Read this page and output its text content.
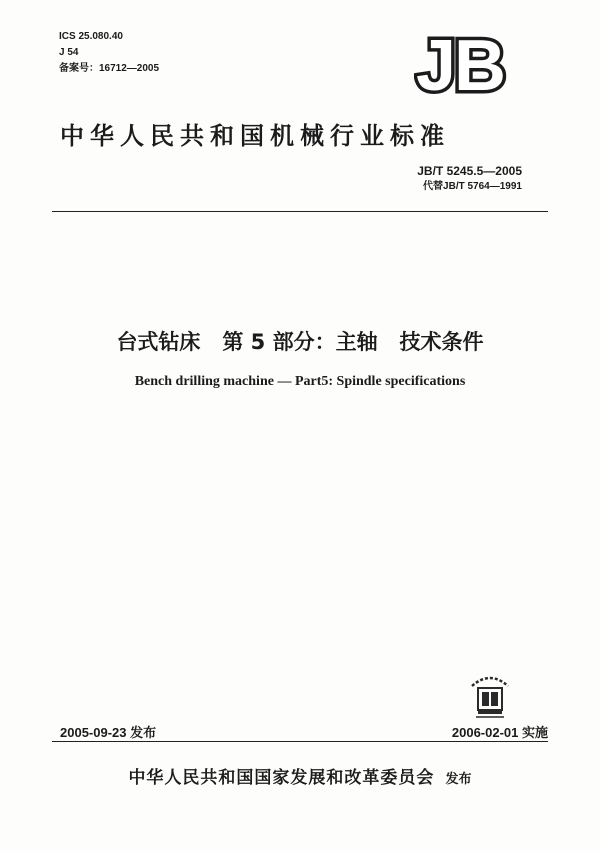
ICS 25.080.40
J 54
备案号：16712—2005	JB
中华人民共和国机械行业标准
JB/T 5245.5—2005
代替JB/T 5764—1991
台式钻床   第 5 部分：主轴   技术条件
Bench drilling machine — Part5: Spindle specifications
2005-09-23 发布	2006-02-01 实施
中华人民共和国国家发展和改革委员会 发布
